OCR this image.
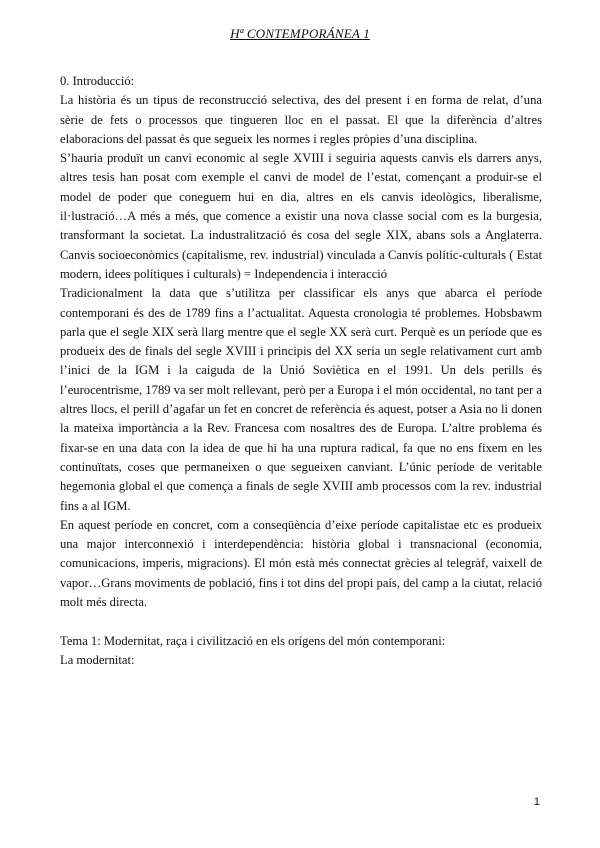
Hª CONTEMPORÁNEA 1

0. Introducció:

La història és un tipus de reconstrucció selectiva, des del present i en forma de relat, d’una sèrie de fets o processos que tingueren lloc en el passat. El que la diferència d’altres elaboracions del passat és que segueix les normes i regles pròpies d’una disciplina.

S’hauria produït un canvi economic al segle XVIII i seguiria aquests canvis els darrers anys, altres tesis han posat com exemple el canvi de model de l’estat, començant a produir-se el model de poder que coneguem hui en dia, altres en els canvis ideològics, liberalisme, il·lustració…A més a més, que comence a existir una nova classe social com es la burgesia, transformant la societat. La industralització és cosa del segle XIX, abans sols a Anglaterra. Canvis socioeconòmics (capitalisme, rev. industrial) vinculada a Canvis polític-culturals ( Estat modern, idees polítiques i culturals) = Independencia i interacció

Tradicionalment la data que s’utilitza per classificar els anys que abarca el període contemporani és des de 1789 fins a l’actualitat. Aquesta cronologia té problemes. Hobsbawm parla que el segle XIX serà llarg mentre que el segle XX serà curt. Perquè es un període que es produeix des de finals del segle XVIII i principis del XX seria un segle relativament curt amb l’inici de la IGM i la caiguda de la Unió Soviètica en el 1991. Un dels perills és l’eurocentrisme, 1789 va ser molt rellevant, però per a Europa i el món occidental, no tant per a altres llocs, el perill d’agafar un fet en concret de referència és aquest, potser a Asia no li donen la mateixa importància a la Rev. Francesa com nosaltres des de Europa. L’altre problema és fixar-se en una data con la idea de que hi ha una ruptura radical, fa que no ens fixem en les continuïtats, coses que permaneixen o que segueixen canviant. L’únic període de veritable hegemonia global el que comença a finals de segle XVIII amb processos com la rev. industrial fins a al IGM.

En aquest període en concret, com a conseqüència d’eixe període capitalistae etc es produeix una major interconnexió i interdependència: història global i transnacional (economia, comunicacions, imperis, migracions). El món està més connectat grècies al telegràf, vaixell de vapor…Grans moviments de població, fins i tot dins del propi país, del camp a la ciutat, relació molt més directa.

Tema 1: Modernitat, raça i civilització en els orígens del món contemporani:

La modernitat:

1
